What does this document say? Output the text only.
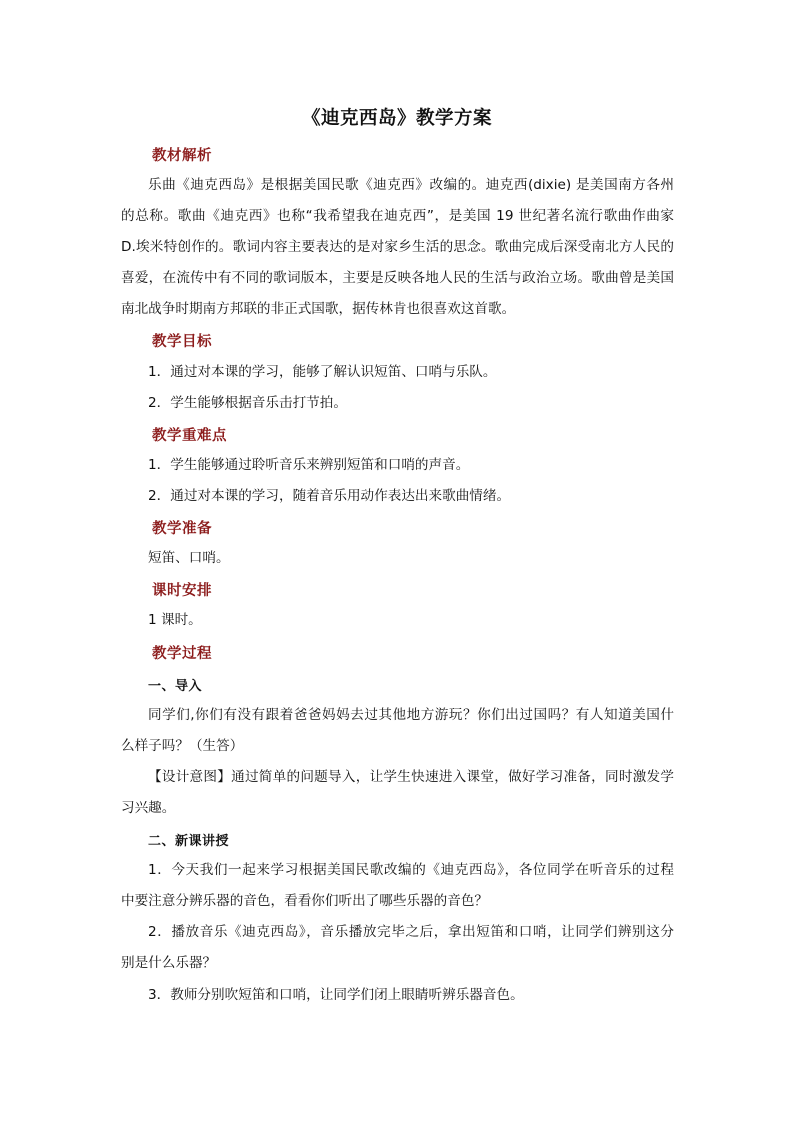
《迪克西岛》教学方案
教材解析
乐曲《迪克西岛》是根据美国民歌《迪克西》改编的。迪克西(dixie) 是美国南方各州
的总称。歌曲《迪克西》也称“我希望我在迪克西”，是美国 19 世纪著名流行歌曲作曲家
D.埃米特创作的。歌词内容主要表达的是对家乡生活的思念。歌曲完成后深受南北方人民的
喜爱，在流传中有不同的歌词版本，主要是反映各地人民的生活与政治立场。歌曲曾是美国
南北战争时期南方邦联的非正式国歌，据传林肯也很喜欢这首歌。
教学目标
1．通过对本课的学习，能够了解认识短笛、口哨与乐队。
2．学生能够根据音乐击打节拍。
教学重难点
1．学生能够通过聆听音乐来辨别短笛和口哨的声音。
2．通过对本课的学习，随着音乐用动作表达出来歌曲情绪。
教学准备
短笛、口哨。
课时安排
1 课时。
教学过程
一、导入
同学们,你们有没有跟着爸爸妈妈去过其他地方游玩？你们出过国吗？有人知道美国什
么样子吗？（生答）
【设计意图】通过简单的问题导入，让学生快速进入课堂，做好学习准备，同时激发学
习兴趣。
二、新课讲授
1．今天我们一起来学习根据美国民歌改编的《迪克西岛》，各位同学在听音乐的过程
中要注意分辨乐器的音色，看看你们听出了哪些乐器的音色？
2．播放音乐《迪克西岛》，音乐播放完毕之后，拿出短笛和口哨，让同学们辨别这分
别是什么乐器？
3．教师分别吹短笛和口哨，让同学们闭上眼睛听辨乐器音色。
